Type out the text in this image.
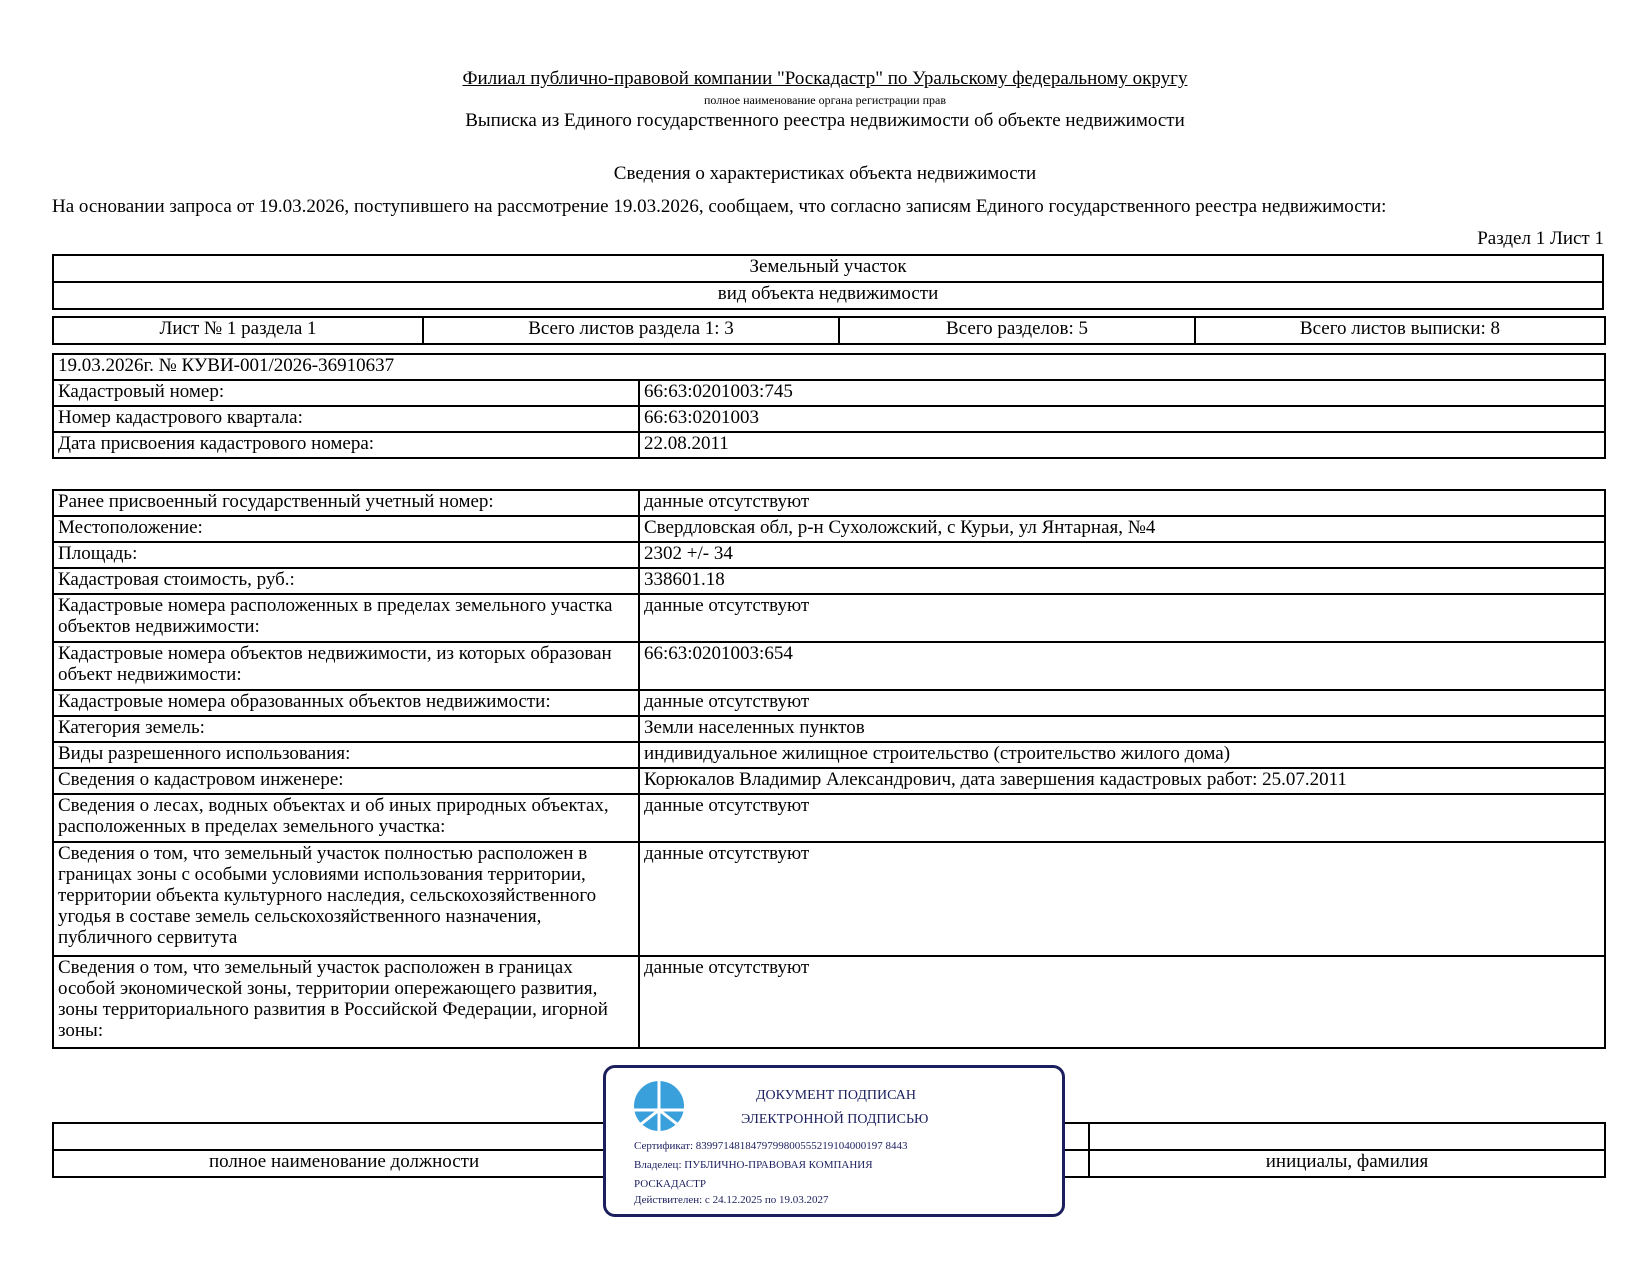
Филиал публично-правовой компании "Роскадастр" по Уральскому федеральному округу
полное наименование органа регистрации прав
Выписка из Единого государственного реестра недвижимости об объекте недвижимости
Сведения о характеристиках объекта недвижимости
На основании запроса от 19.03.2026, поступившего на рассмотрение 19.03.2026, сообщаем, что согласно записям Единого государственного реестра недвижимости:
Раздел 1 Лист 1
Земельный участок
вид объекта недвижимости
Лист № 1 раздела 1	Всего листов раздела 1: 3	Всего разделов: 5	Всего листов выписки: 8
19.03.2026г. № КУВИ-001/2026-36910637	
Кадастровый номер:	66:63:0201003:745
Номер кадастрового квартала:	66:63:0201003
Дата присвоения кадастрового номера:	22.08.2011
Ранее присвоенный государственный учетный номер:	данные отсутствуют
Местоположение:	Свердловская обл, р-н Сухоложский, с Курьи, ул Янтарная, №4
Площадь:	2302 +/- 34
Кадастровая стоимость, руб.:	338601.18
Кадастровые номера расположенных в пределах земельного участка объектов недвижимости:	данные отсутствуют
Кадастровые номера объектов недвижимости, из которых образован объект недвижимости:	66:63:0201003:654
Кадастровые номера образованных объектов недвижимости:	данные отсутствуют
Категория земель:	Земли населенных пунктов
Виды разрешенного использования:	индивидуальное жилищное строительство (строительство жилого дома)
Сведения о кадастровом инженере:	Корюкалов Владимир Александрович, дата завершения кадастровых работ: 25.07.2011
Сведения о лесах, водных объектах и об иных природных объектах, расположенных в пределах земельного участка:	данные отсутствуют
Сведения о том, что земельный участок полностью расположен в границах зоны с особыми условиями использования территории, территории объекта культурного наследия, сельскохозяйственного угодья в составе земель сельскохозяйственного назначения, публичного сервитута	данные отсутствуют
Сведения о том, что земельный участок расположен в границах особой экономической зоны, территории опережающего развития, зоны территориального развития в Российской Федерации, игорной зоны:	данные отсутствуют

полное наименование должности	инициалы, фамилия
ДОКУМЕНТ ПОДПИСАН
ЭЛЕКТРОННОЙ ПОДПИСЬЮ
Сертификат: 8399714818479799800555219104000197 8443
Владелец: ПУБЛИЧНО-ПРАВОВАЯ КОМПАНИЯ
РОСКАДАСТР
Действителен: с 24.12.2025 по 19.03.2027
